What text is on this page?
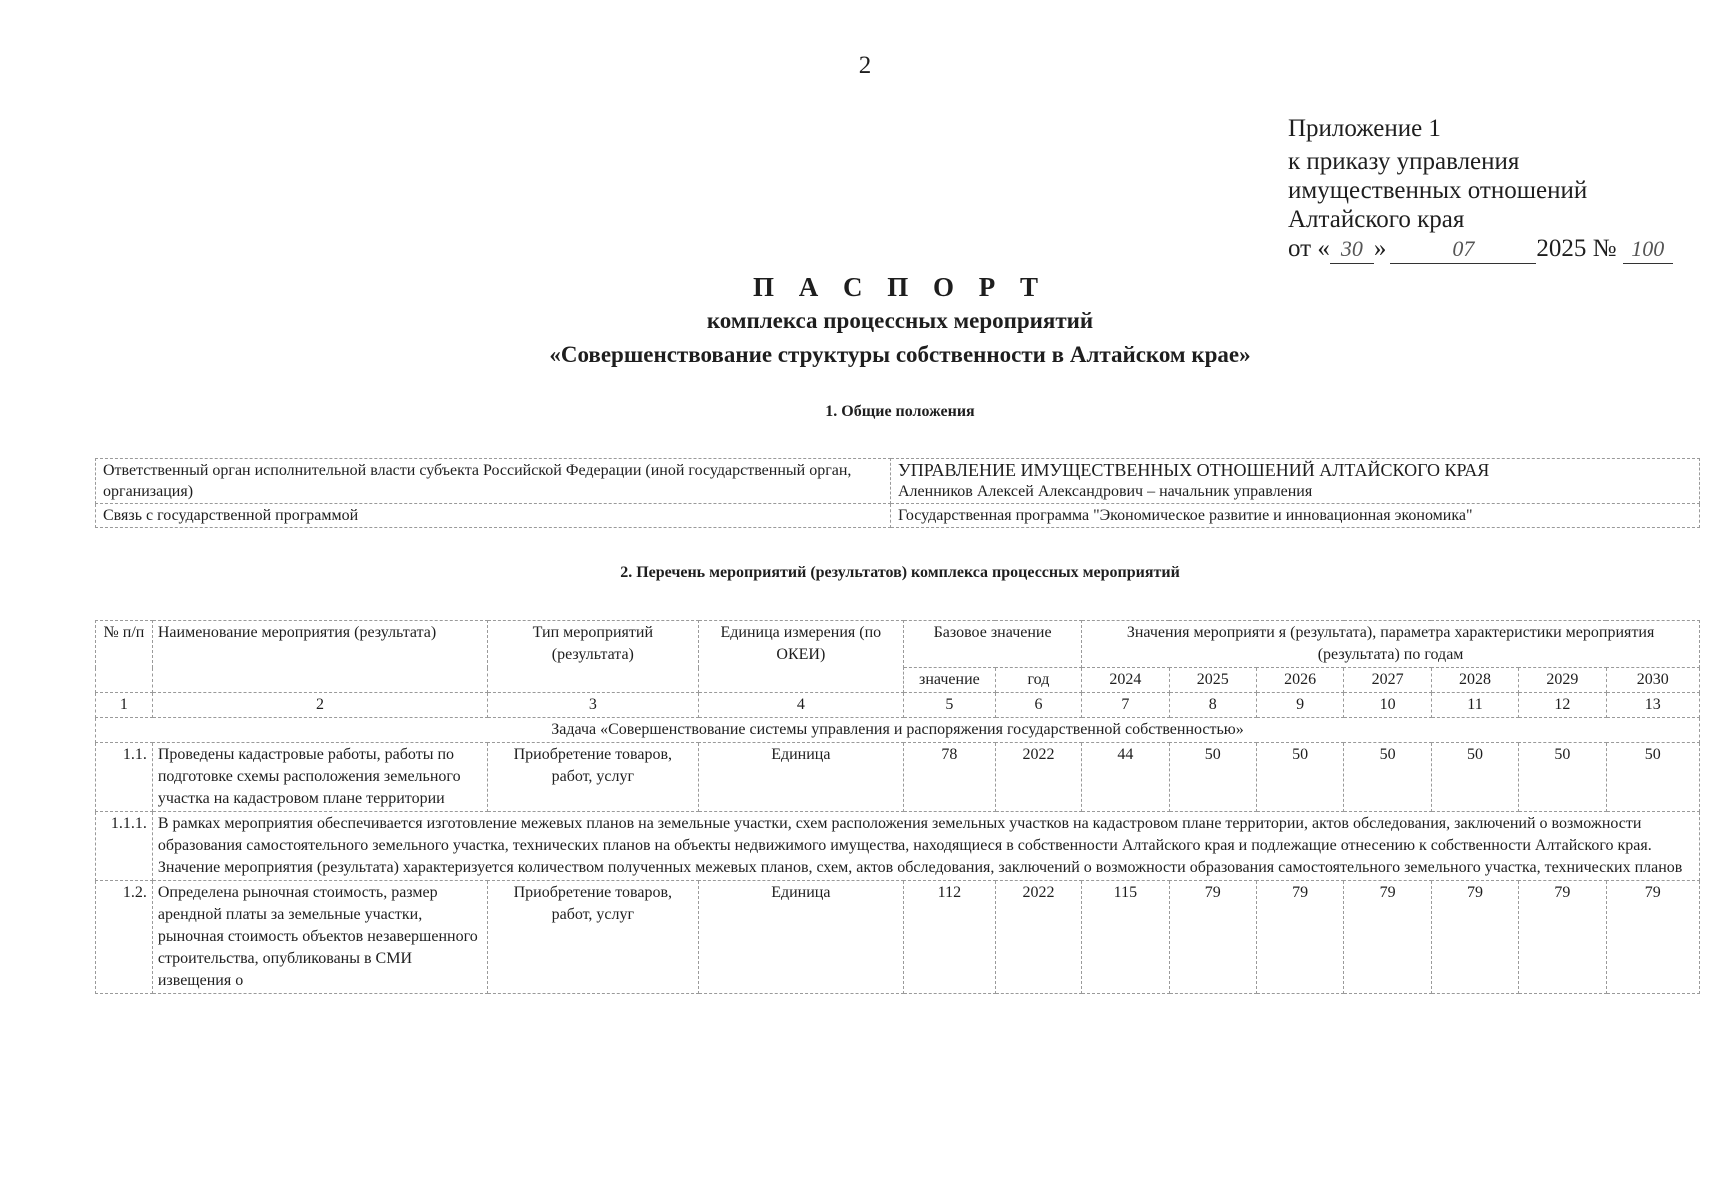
2
Приложение 1
к приказу управления
имущественных отношений
Алтайского края
от « 30 »	07 2025 № 100
П А С П О Р Т
комплекса процессных мероприятий
«Совершенствование структуры собственности в Алтайском крае»
1. Общие положения
Ответственный орган исполнительной власти субъекта Российской Федерации (иной государственный орган, организация)	УПРАВЛЕНИЕ ИМУЩЕСТВЕННЫХ ОТНОШЕНИЙ АЛТАЙСКОГО КРАЯ
Аленников Алексей Александрович – начальник управления

Связь с государственной программой	Государственная программа "Экономическое развитие и инновационная экономика"
2. Перечень мероприятий (результатов) комплекса процессных мероприятий
№ п/п	Наименование мероприятия (результата)	Тип мероприятий (результата)	Единица измерения (по ОКЕИ)	Базовое значение		Значения мероприяти я (результата), параметра характеристики мероприятия (результата) по годам						
				значение	год	2024	2025	2026	2027	2028	2029	2030
1	2	3	4	5	6	7	8	9	10	11	12	13
Задача «Совершенствование системы управления и распоряжения государственной собственностью»												
1.1.	Проведены кадастровые работы, работы по подготовке схемы расположения земельного участка на кадастровом плане территории	Приобретение товаров, работ, услуг	Единица	78	2022	44	50	50	50	50	50	50
1.1.1.	В рамках мероприятия обеспечивается изготовление межевых планов на земельные участки, схем расположения земельных участков на кадастровом плане территории, актов обследования, заключений о возможности образования самостоятельного земельного участка, технических планов на объекты недвижимого имущества, находящиеся в собственности Алтайского края и подлежащие отнесению к собственности Алтайского края. Значение мероприятия (результата) характеризуется количеством полученных межевых планов, схем, актов обследования, заключений о возможности образования самостоятельного земельного участка, технических планов											
1.2.	Определена рыночная стоимость, размер арендной платы за земельные участки, рыночная стоимость объектов незавершенного строительства, опубликованы в СМИ извещения о	Приобретение товаров, работ, услуг	Единица	112	2022	115	79	79	79	79	79	79
